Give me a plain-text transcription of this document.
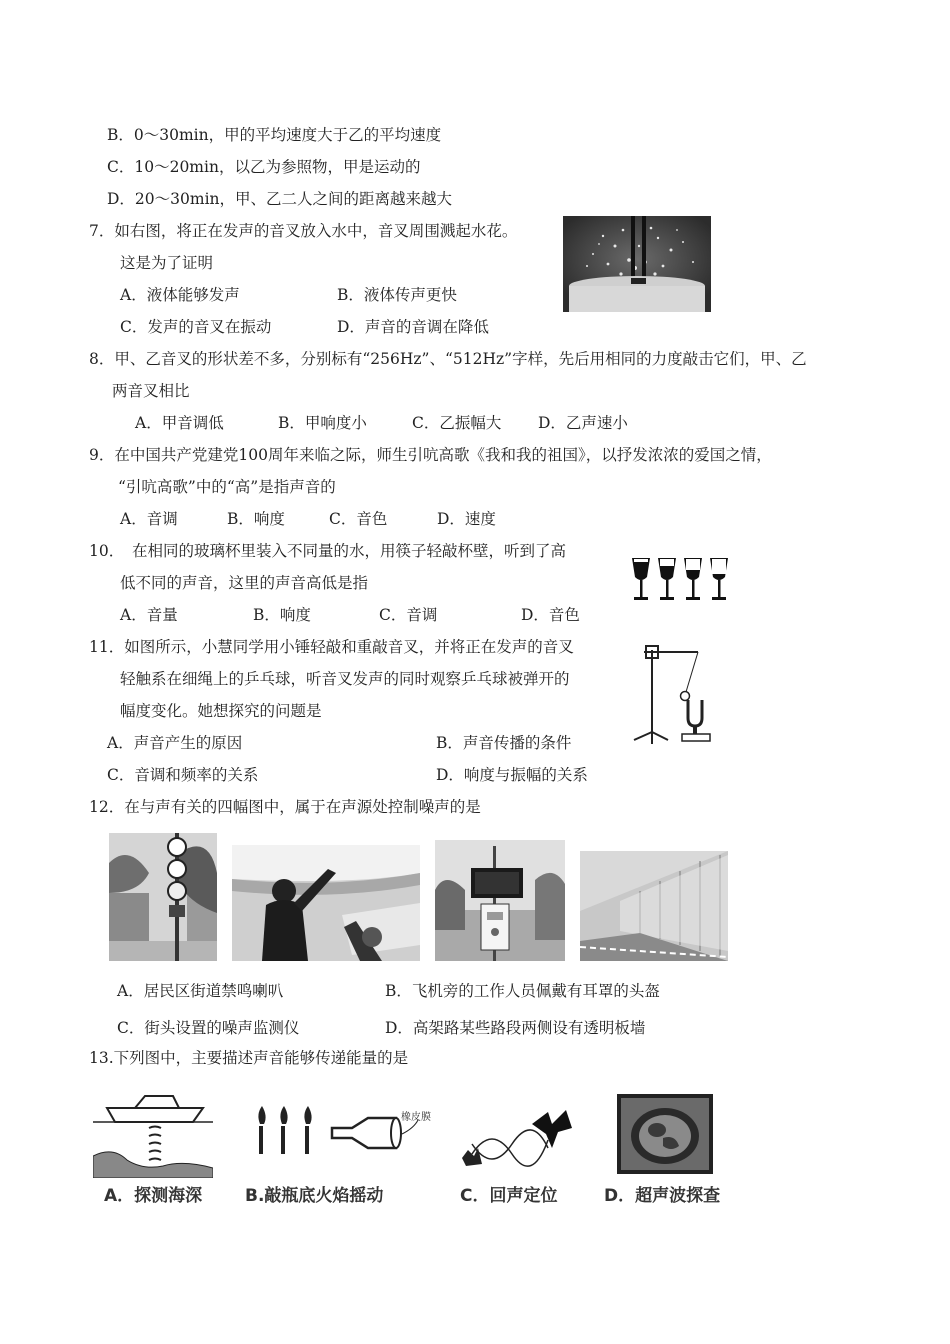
B．0～30min，甲的平均速度大于乙的平均速度
C．10～20min，以乙为参照物，甲是运动的
D．20～30min，甲、乙二人之间的距离越来越大
7．如右图，将正在发声的音叉放入水中，音叉周围溅起水花。
这是为了证明
A．液体能够发声	B．液体传声更快
C．发声的音叉在振动	D．声音的音调在降低
8．甲、乙音叉的形状差不多，分别标有“256Hz”、“512Hz”字样，先后用相同的力度敲击它们，甲、乙
两音叉相比
A．甲音调低	B．甲响度小	C．乙振幅大 D．乙声速小
9．在中国共产党建党100周年来临之际，师生引吭高歌《我和我的祖国》，以抒发浓浓的爱国之情，
“引吭高歌”中的“高”是指声音的
A．音调	B．响度	C．音色	D．速度
10．　在相同的玻璃杯里装入不同量的水，用筷子轻敲杯壁，听到了高
低不同的声音，这里的声音高低是指
A．音量	B．响度	C．音调	D．音色
11．如图所示，小慧同学用小锤轻敲和重敲音叉，并将正在发声的音叉
轻触系在细绳上的乒乓球，听音叉发声的同时观察乒乓球被弹开的
幅度变化。她想探究的问题是
A．声音产生的原因	B．声音传播的条件
C．音调和频率的关系	D．响度与振幅的关系
12．在与声有关的四幅图中，属于在声源处控制噪声的是
A．居民区街道禁鸣喇叭	B．飞机旁的工作人员佩戴有耳罩的头盔
C．街头设置的噪声监测仪	D．高架路某些路段两侧设有透明板墙
13.下列图中，主要描述声音能够传递能量的是
橡皮膜
A．探测海深	B.敲瓶底火焰摇动	C．回声定位	D．超声波探查
